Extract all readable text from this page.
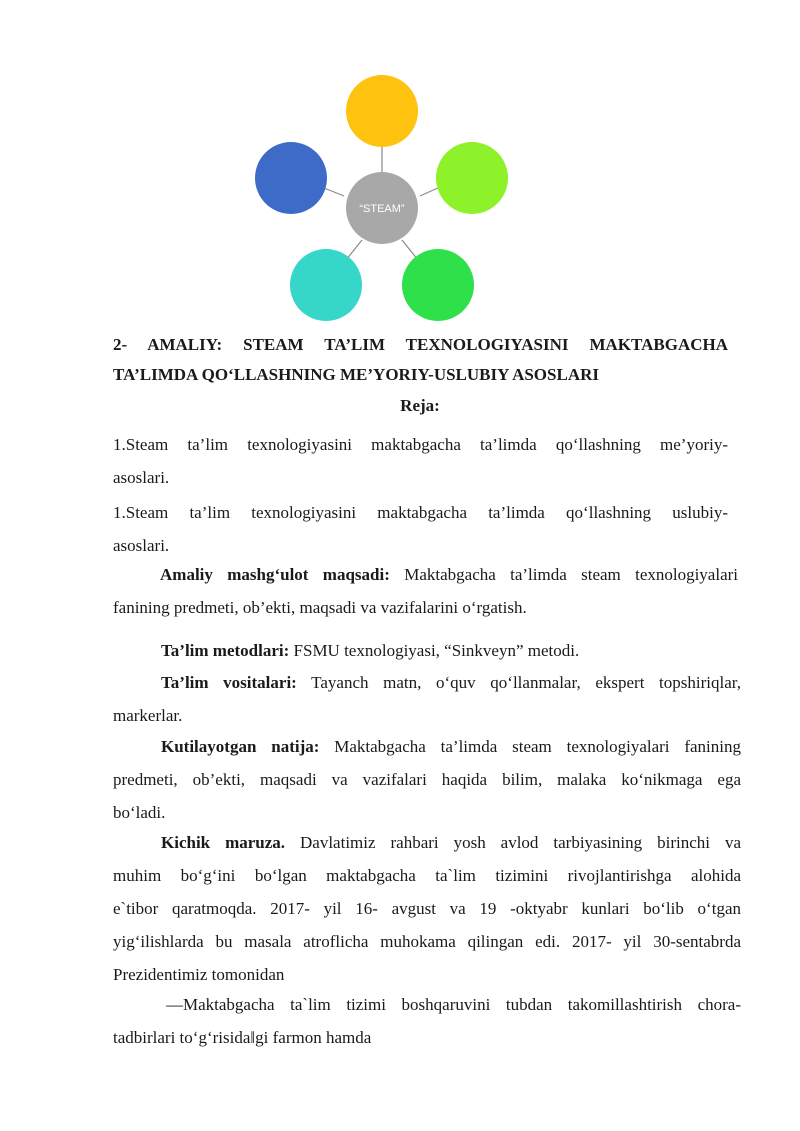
“STEAM”
2- AMALIY: STEAM TA’LIM TEXNOLOGIYASINI MAKTABGACHA
TA’LIMDA QO‘LLASHNING ME’YORIY-USLUBIY ASOSLARI
Reja:
1.Steam ta’lim texnologiyasini maktabgacha ta’limda qo‘llashning me’yoriy-
asoslari.
1.Steam ta’lim texnologiyasini maktabgacha ta’limda qo‘llashning uslubiy-
asoslari.
Amaliy mashg‘ulot maqsadi: Maktabgacha ta’limda steam texnologiyalari
fanining predmeti, ob’ekti, maqsadi va vazifalarini o‘rgatish.
Ta’lim metodlari: FSMU texnologiyasi, “Sinkveyn” metodi.
Ta’lim vositalari: Tayanch matn, o‘quv qo‘llanmalar, ekspert topshiriqlar,
markerlar.
Kutilayotgan natija: Maktabgacha ta’limda steam texnologiyalari fanining
predmeti, ob’ekti, maqsadi va vazifalari haqida bilim, malaka ko‘nikmaga ega
bo‘ladi.
Kichik maruza. Davlatimiz rahbari yosh avlod tarbiyasining birinchi va
muhim bo‘g‘ini bo‘lgan maktabgacha ta`lim tizimini rivojlantirishga alohida
e`tibor qaratmoqda. 2017- yil 16- avgust va 19 -oktyabr kunlari bo‘lib o‘tgan
yig‘ilishlarda bu masala atroflicha muhokama qilingan edi. 2017- yil 30-sentabrda
Prezidentimiz tomonidan
―Maktabgacha ta`lim tizimi boshqaruvini tubdan takomillashtirish chora-
tadbirlari to‘g‘risida‖gi farmon hamda
